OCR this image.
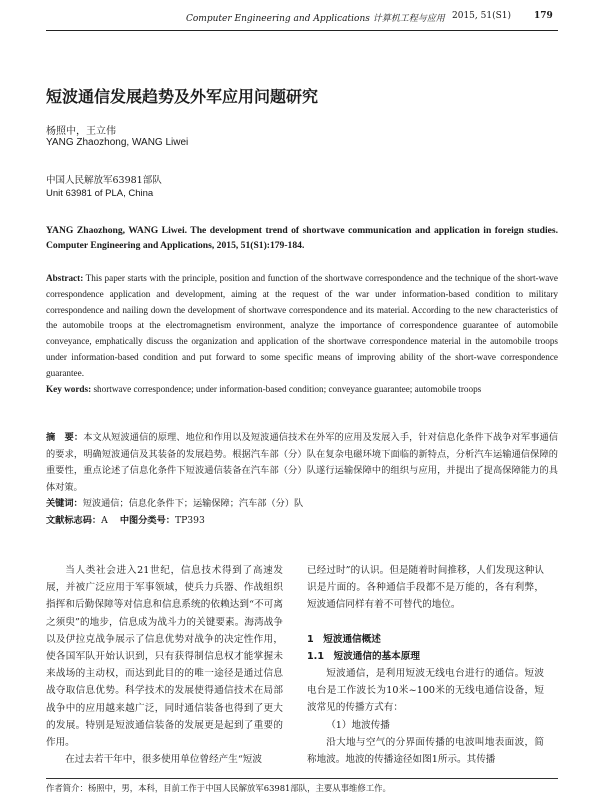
Computer Engineering and Applications 计算机工程与应用 2015, 51(S1)	179
短波通信发展趋势及外军应用问题研究
杨照中，王立伟
YANG Zhaozhong, WANG Liwei
中国人民解放军63981部队
Unit 63981 of PLA, China
YANG Zhaozhong, WANG Liwei. The development trend of shortwave communication and application in foreign studies. Computer Engineering and Applications, 2015, 51(S1):179-184.
Abstract: This paper starts with the principle, position and function of the shortwave correspondence and the technique of the short-wave correspondence application and development, aiming at the request of the war under information-based condition to military correspondence and nailing down the development of shortwave correspondence and its material. According to the new characteristics of the automobile troops at the electromagnetism environment, analyze the importance of correspondence guarantee of automobile conveyance, emphatically discuss the organization and application of the shortwave correspondence material in the automobile troops under information-based condition and put forward to some specific means of improving ability of the short-wave correspondence guarantee.
Key words: shortwave correspondence; under information-based condition; conveyance guarantee; automobile troops
摘　要：本文从短波通信的原理、地位和作用以及短波通信技术在外军的应用及发展入手，针对信息化条件下战争对军事通信的要求，明确短波通信及其装备的发展趋势。根据汽车部（分）队在复杂电磁环境下面临的新特点，分析汽车运输通信保障的重要性，重点论述了信息化条件下短波通信装备在汽车部（分）队遂行运输保障中的组织与应用，并提出了提高保障能力的具体对策。
关键词：短波通信；信息化条件下；运输保障；汽车部（分）队
文献标志码：A 　 中图分类号：TP393

当人类社会进入21世纪，信息技术得到了高速发展，并被广泛应用于军事领域，使兵力兵器、作战组织指挥和后勤保障等对信息和信息系统的依赖达到“不可离之须臾”的地步，信息成为战斗力的关键要素。海湾战争以及伊拉克战争展示了信息优势对战争的决定性作用，使各国军队开始认识到，只有获得制信息权才能掌握未来战场的主动权，而达到此目的的唯一途径是通过信息战夺取信息优势。科学技术的发展使得通信技术在局部战争中的应用越来越广泛，同时通信装备也得到了更大的发展。特别是短波通信装备的发展更是起到了重要的作用。

在过去若干年中，很多使用单位曾经产生“短波

已经过时”的认识。但是随着时间推移，人们发现这种认识是片面的。各种通信手段都不是万能的，各有利弊，短波通信同样有着不可替代的地位。

1　短波通信概述

1.1　短波通信的基本原理

短波通信，是利用短波无线电台进行的通信。短波电台是工作波长为10米~100米的无线电通信设备，短波常见的传播方式有：

（1）地波传播

沿大地与空气的分界面传播的电波叫地表面波，简称地波。地波的传播途径如图1所示。其传播

作者简介：杨照中，男，本科，目前工作于中国人民解放军63981部队，主要从事维修工作。
